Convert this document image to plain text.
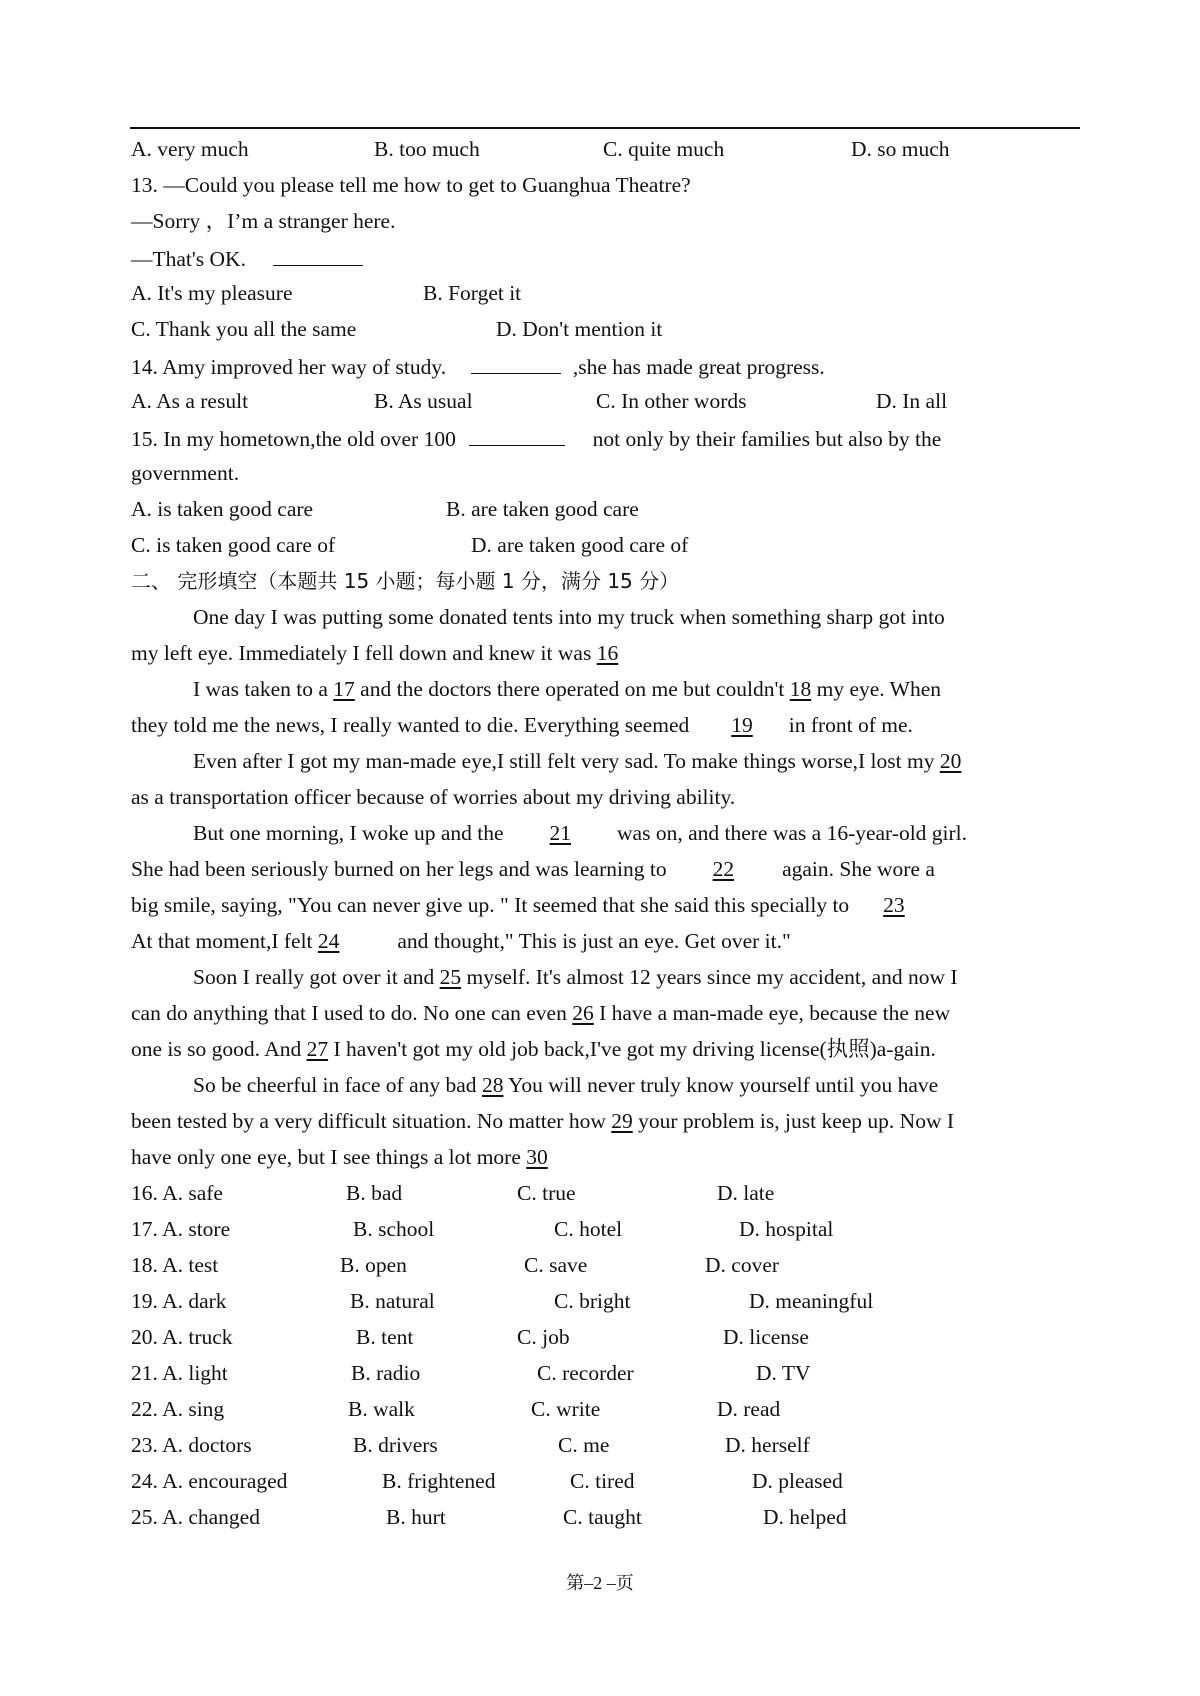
A. very much	B. too much	C. quite much	D. so much
13. —Could you please tell me how to get to Guanghua Theatre?
—Sorry ，I’m a stranger here.
—That's OK.
A. It's my pleasure	B. Forget it
C. Thank you all the same	D. Don't mention it
14. Amy improved her way of study.	,she has made great progress.
A. As a result	B. As usual	C. In other words	D. In all
15. In my hometown,the old over 100	not only by their families but also by the
government.
A. is taken good care	B. are taken good care
C. is taken good care of	D. are taken good care of
二、 完形填空（本题共 15 小题；每小题 1 分，满分 15 分）
One day I was putting some donated tents into my truck when something sharp got into
my left eye. Immediately I fell down and knew it was 16
I was taken to a 17 and the doctors there operated on me but couldn't 18 my eye. When
they told me the news, I really wanted to die. Everything seemed 19 in front of me.
Even after I got my man-made eye,I still felt very sad. To make things worse,I lost my 20
as a transportation officer because of worries about my driving ability.
But one morning, I woke up and the 21 was on, and there was a 16-year-old girl.
She had been seriously burned on her legs and was learning to 22 again. She wore a
big smile, saying, "You can never give up. " It seemed that she said this specially to 23
At that moment,I felt 24	and thought," This is just an eye. Get over it."
Soon I really got over it and 25 myself. It's almost 12 years since my accident, and now I
can do anything that I used to do. No one can even 26 I have a man-made eye, because the new
one is so good. And 27 I haven't got my old job back,I've got my driving license(执照)a-gain.
So be cheerful in face of any bad 28 You will never truly know yourself until you have
been tested by a very difficult situation. No matter how 29 your problem is, just keep up. Now I
have only one eye, but I see things a lot more 30
16. A. safe	B. bad	C. true	D. late
17. A. store	B. school	C. hotel	D. hospital
18. A. test	B. open	C. save	D. cover
19. A. dark	B. natural	C. bright	D. meaningful
20. A. truck	B. tent	C. job	D. license
21. A. light	B. radio	C. recorder	D. TV
22. A. sing	B. walk	C. write	D. read
23. A. doctors	B. drivers	C. me	D. herself
24. A. encouraged	B. frightened	C. tired	D. pleased
25. A. changed	B. hurt	C. taught	D. helped
第–2 –页
